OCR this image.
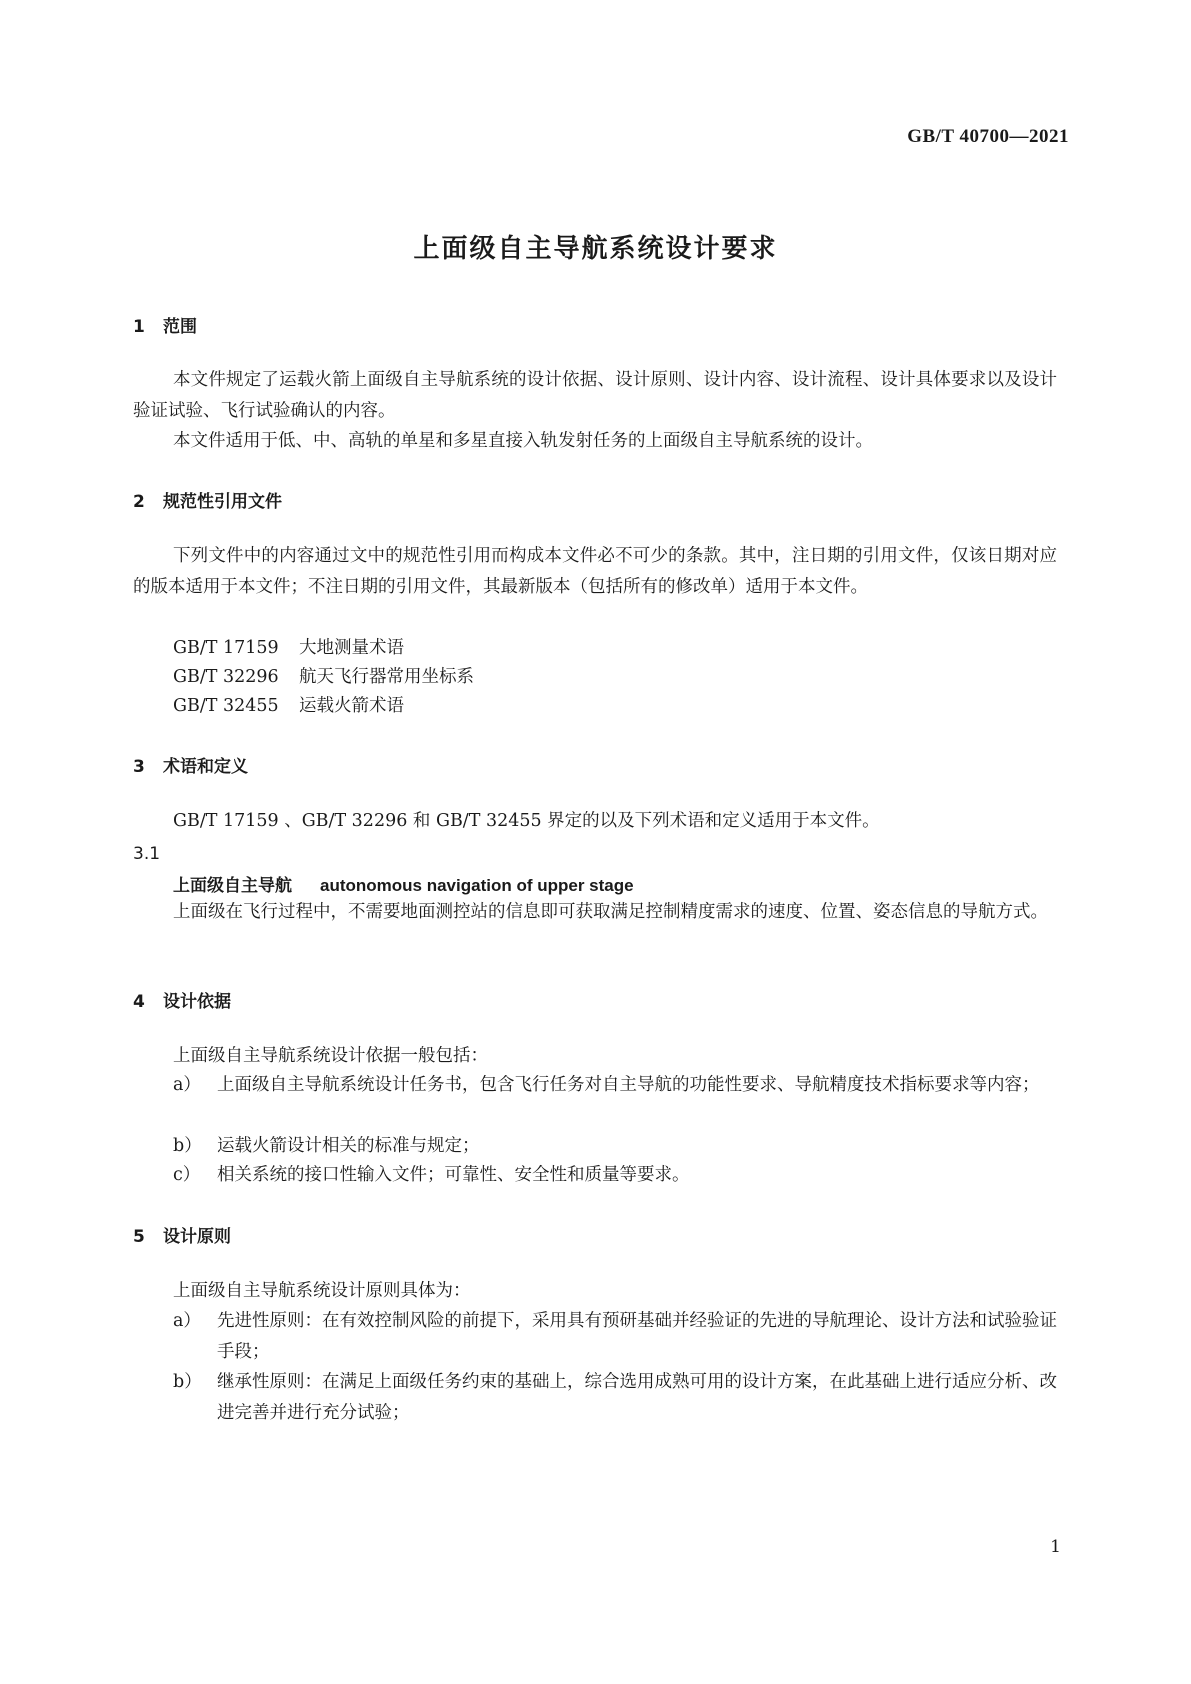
GB/T 40700—2021
上面级自主导航系统设计要求
1 范围
本文件规定了运载火箭上面级自主导航系统的设计依据、设计原则、设计内容、设计流程、设计具体要求以及设计验证试验、飞行试验确认的内容。
本文件适用于低、中、高轨的单星和多星直接入轨发射任务的上面级自主导航系统的设计。
2 规范性引用文件
下列文件中的内容通过文中的规范性引用而构成本文件必不可少的条款。其中，注日期的引用文件，仅该日期对应的版本适用于本文件；不注日期的引用文件，其最新版本（包括所有的修改单）适用于本文件。
GB/T 17159 大地测量术语
GB/T 32296 航天飞行器常用坐标系
GB/T 32455 运载火箭术语
3 术语和定义
GB/T 17159 、GB/T 32296 和 GB/T 32455 界定的以及下列术语和定义适用于本文件。
3.1
上面级自主导航 autonomous navigation of upper stage
上面级在飞行过程中，不需要地面测控站的信息即可获取满足控制精度需求的速度、位置、姿态信息的导航方式。
4 设计依据
上面级自主导航系统设计依据一般包括：
a） 上面级自主导航系统设计任务书，包含飞行任务对自主导航的功能性要求、导航精度技术指标要求等内容；
b） 运载火箭设计相关的标准与规定；
c） 相关系统的接口性输入文件；可靠性、安全性和质量等要求。
5 设计原则
上面级自主导航系统设计原则具体为：
a） 先进性原则：在有效控制风险的前提下，采用具有预研基础并经验证的先进的导航理论、设计方法和试验验证手段；
b） 继承性原则：在满足上面级任务约束的基础上，综合选用成熟可用的设计方案，在此基础上进行适应分析、改进完善并进行充分试验；
1
